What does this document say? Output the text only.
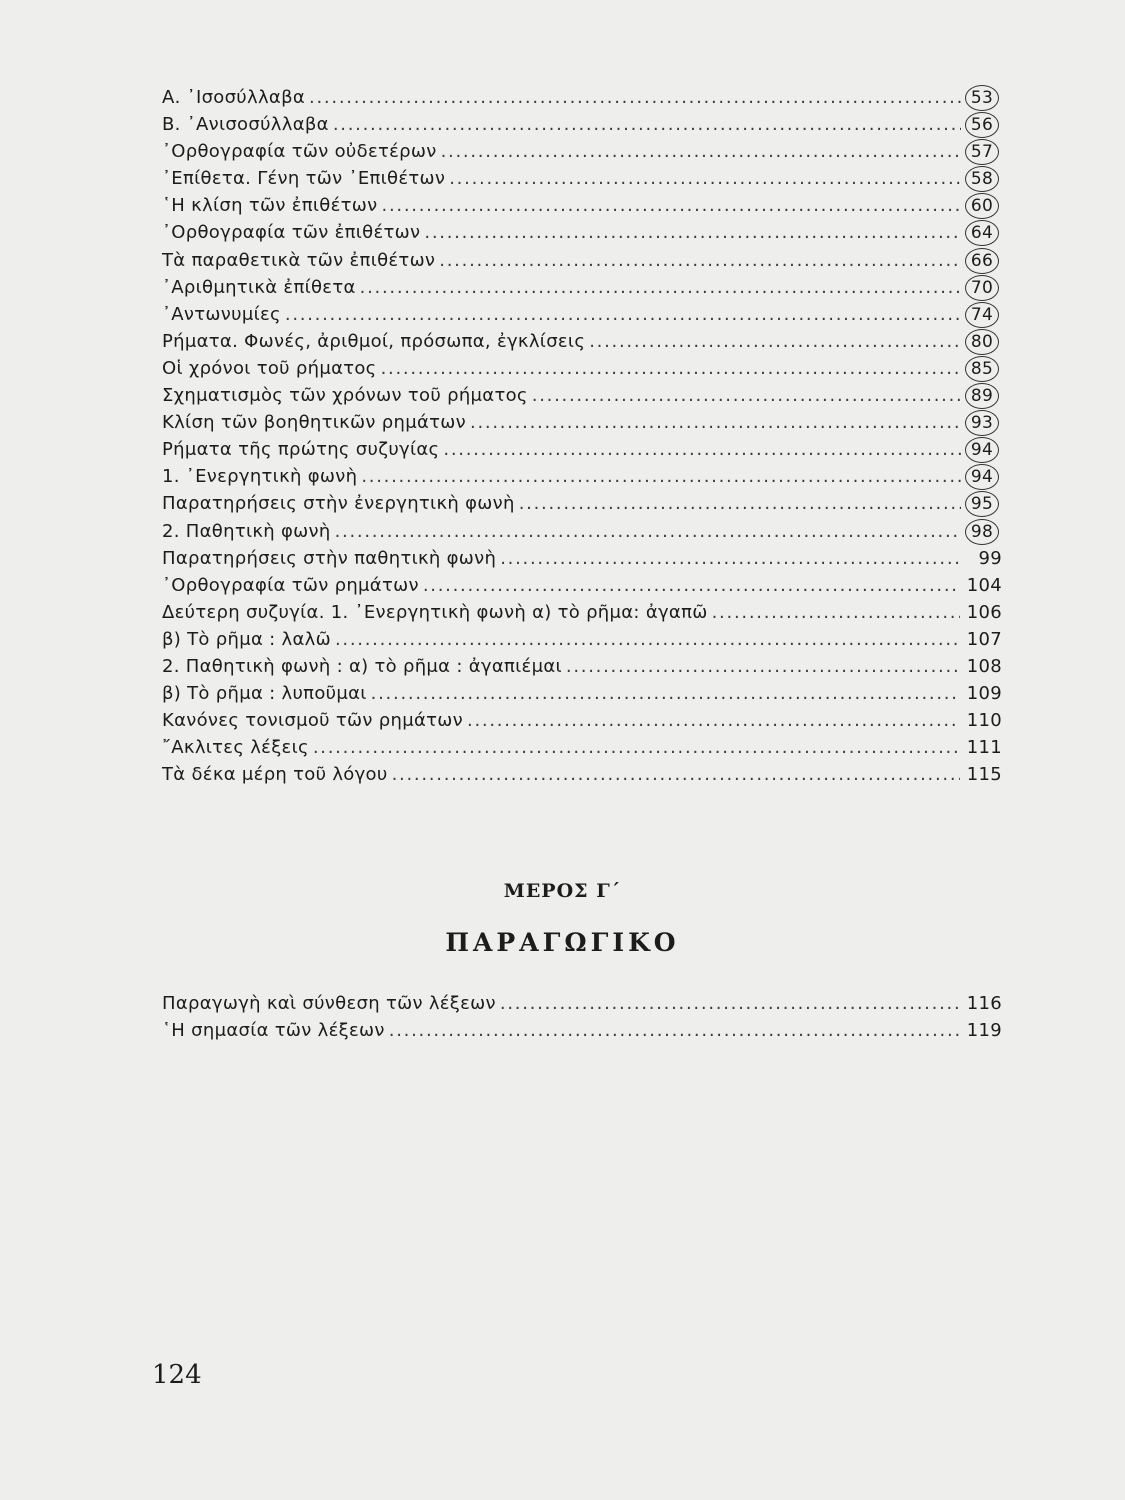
Α. ᾿Ισοσύλλαβα . . .	53
Β. ᾿Ανισοσύλλαβα . . .	56
᾿Ορθογραφία τῶν οὐδετέρων . . .	57
᾿Επίθετα. Γένη τῶν ᾿Επιθέτων . . .	58
῾Η κλίση τῶν ἐπιθέτων . . .	60
᾿Ορθογραφία τῶν ἐπιθέτων . . .	64
Τὰ παραθετικὰ τῶν ἐπιθέτων . . .	66
᾿Αριθμητικὰ ἐπίθετα . . .	70
᾿Αντωνυμίες . . .	74
Ρήματα. Φωνές, ἀριθμοί, πρόσωπα, ἐγκλίσεις . . .	80
Οἱ χρόνοι τοῦ ρήματος . . .	85
Σχηματισμὸς τῶν χρόνων τοῦ ρήματος . . .	89
Κλίση τῶν βοηθητικῶν ρημάτων . . .	93
Ρήματα τῆς πρώτης συζυγίας . . .	94
1. ᾿Ενεργητικὴ φωνὴ . . .	94
Παρατηρήσεις στὴν ἐνεργητικὴ φωνὴ . . .	95
2. Παθητικὴ φωνὴ . . .	98
Παρατηρήσεις στὴν παθητικὴ φωνὴ . . .	99
᾿Ορθογραφία τῶν ρημάτων . . .	104
Δεύτερη συζυγία. 1. ᾿Ενεργητικὴ φωνὴ α) τὸ ρῆμα: ἀγαπῶ . . .	106
β) Τὸ ρῆμα : λαλῶ . . .	107
2. Παθητικὴ φωνὴ : α) τὸ ρῆμα : ἀγαπιέμαι . . .	108
β) Τὸ ρῆμα : λυποῦμαι . . .	109
Κανόνες τονισμοῦ τῶν ρημάτων . . .	110
῎Ακλιτες λέξεις . . .	111
Τὰ δέκα μέρη τοῦ λόγου . . .	115
ΜΕΡΟΣ Γ΄
ΠΑΡΑΓΩΓΙΚΟ
Παραγωγὴ καὶ σύνθεση τῶν λέξεων . . .	116
῾Η σημασία τῶν λέξεων . . .	119
124
